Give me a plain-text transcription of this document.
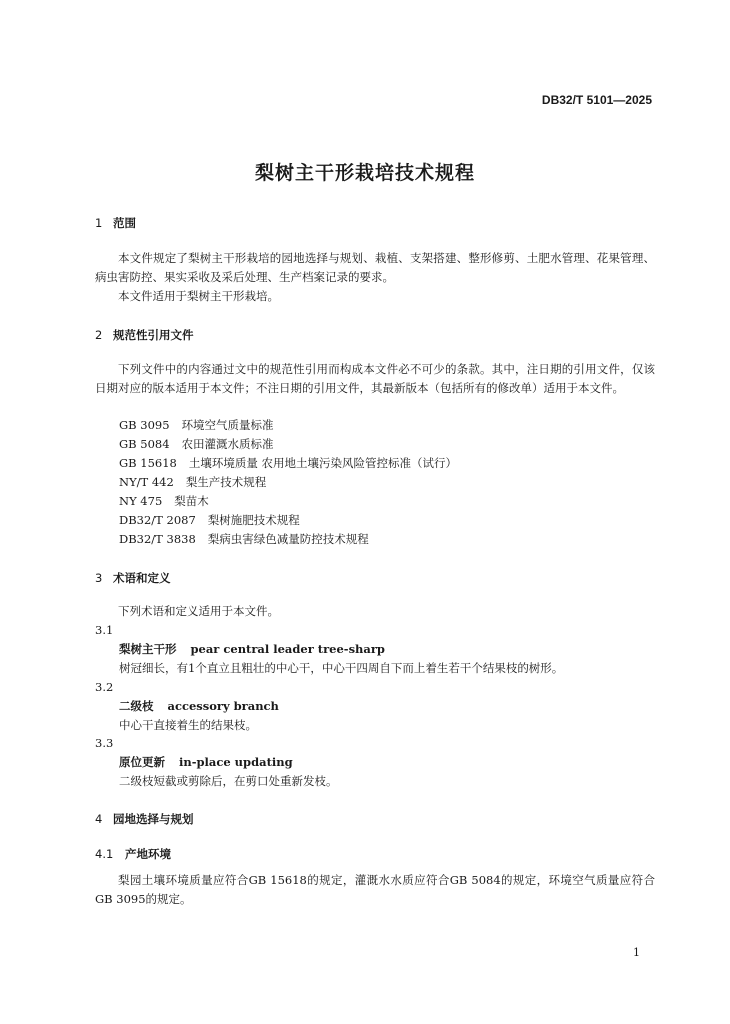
DB32/T 5101—2025
梨树主干形栽培技术规程
1 范围
本文件规定了梨树主干形栽培的园地选择与规划、栽植、支架搭建、整形修剪、土肥水管理、花果管理、病虫害防控、果实采收及采后处理、生产档案记录的要求。
本文件适用于梨树主干形栽培。
2 规范性引用文件
下列文件中的内容通过文中的规范性引用而构成本文件必不可少的条款。其中，注日期的引用文件，仅该日期对应的版本适用于本文件；不注日期的引用文件，其最新版本（包括所有的修改单）适用于本文件。
GB 3095 环境空气质量标准
GB 5084 农田灌溉水质标准
GB 15618 土壤环境质量 农用地土壤污染风险管控标准（试行）
NY/T 442 梨生产技术规程
NY 475 梨苗木
DB32/T 2087 梨树施肥技术规程
DB32/T 3838 梨病虫害绿色减量防控技术规程
3 术语和定义
下列术语和定义适用于本文件。
3.1
梨树主干形 pear central leader tree-sharp
树冠细长，有1个直立且粗壮的中心干，中心干四周自下而上着生若干个结果枝的树形。
3.2
二级枝 accessory branch
中心干直接着生的结果枝。
3.3
原位更新 in-place updating
二级枝短截或剪除后，在剪口处重新发枝。
4 园地选择与规划
4.1 产地环境
梨园土壤环境质量应符合GB 15618的规定，灌溉水水质应符合GB 5084的规定，环境空气质量应符合GB 3095的规定。
1
